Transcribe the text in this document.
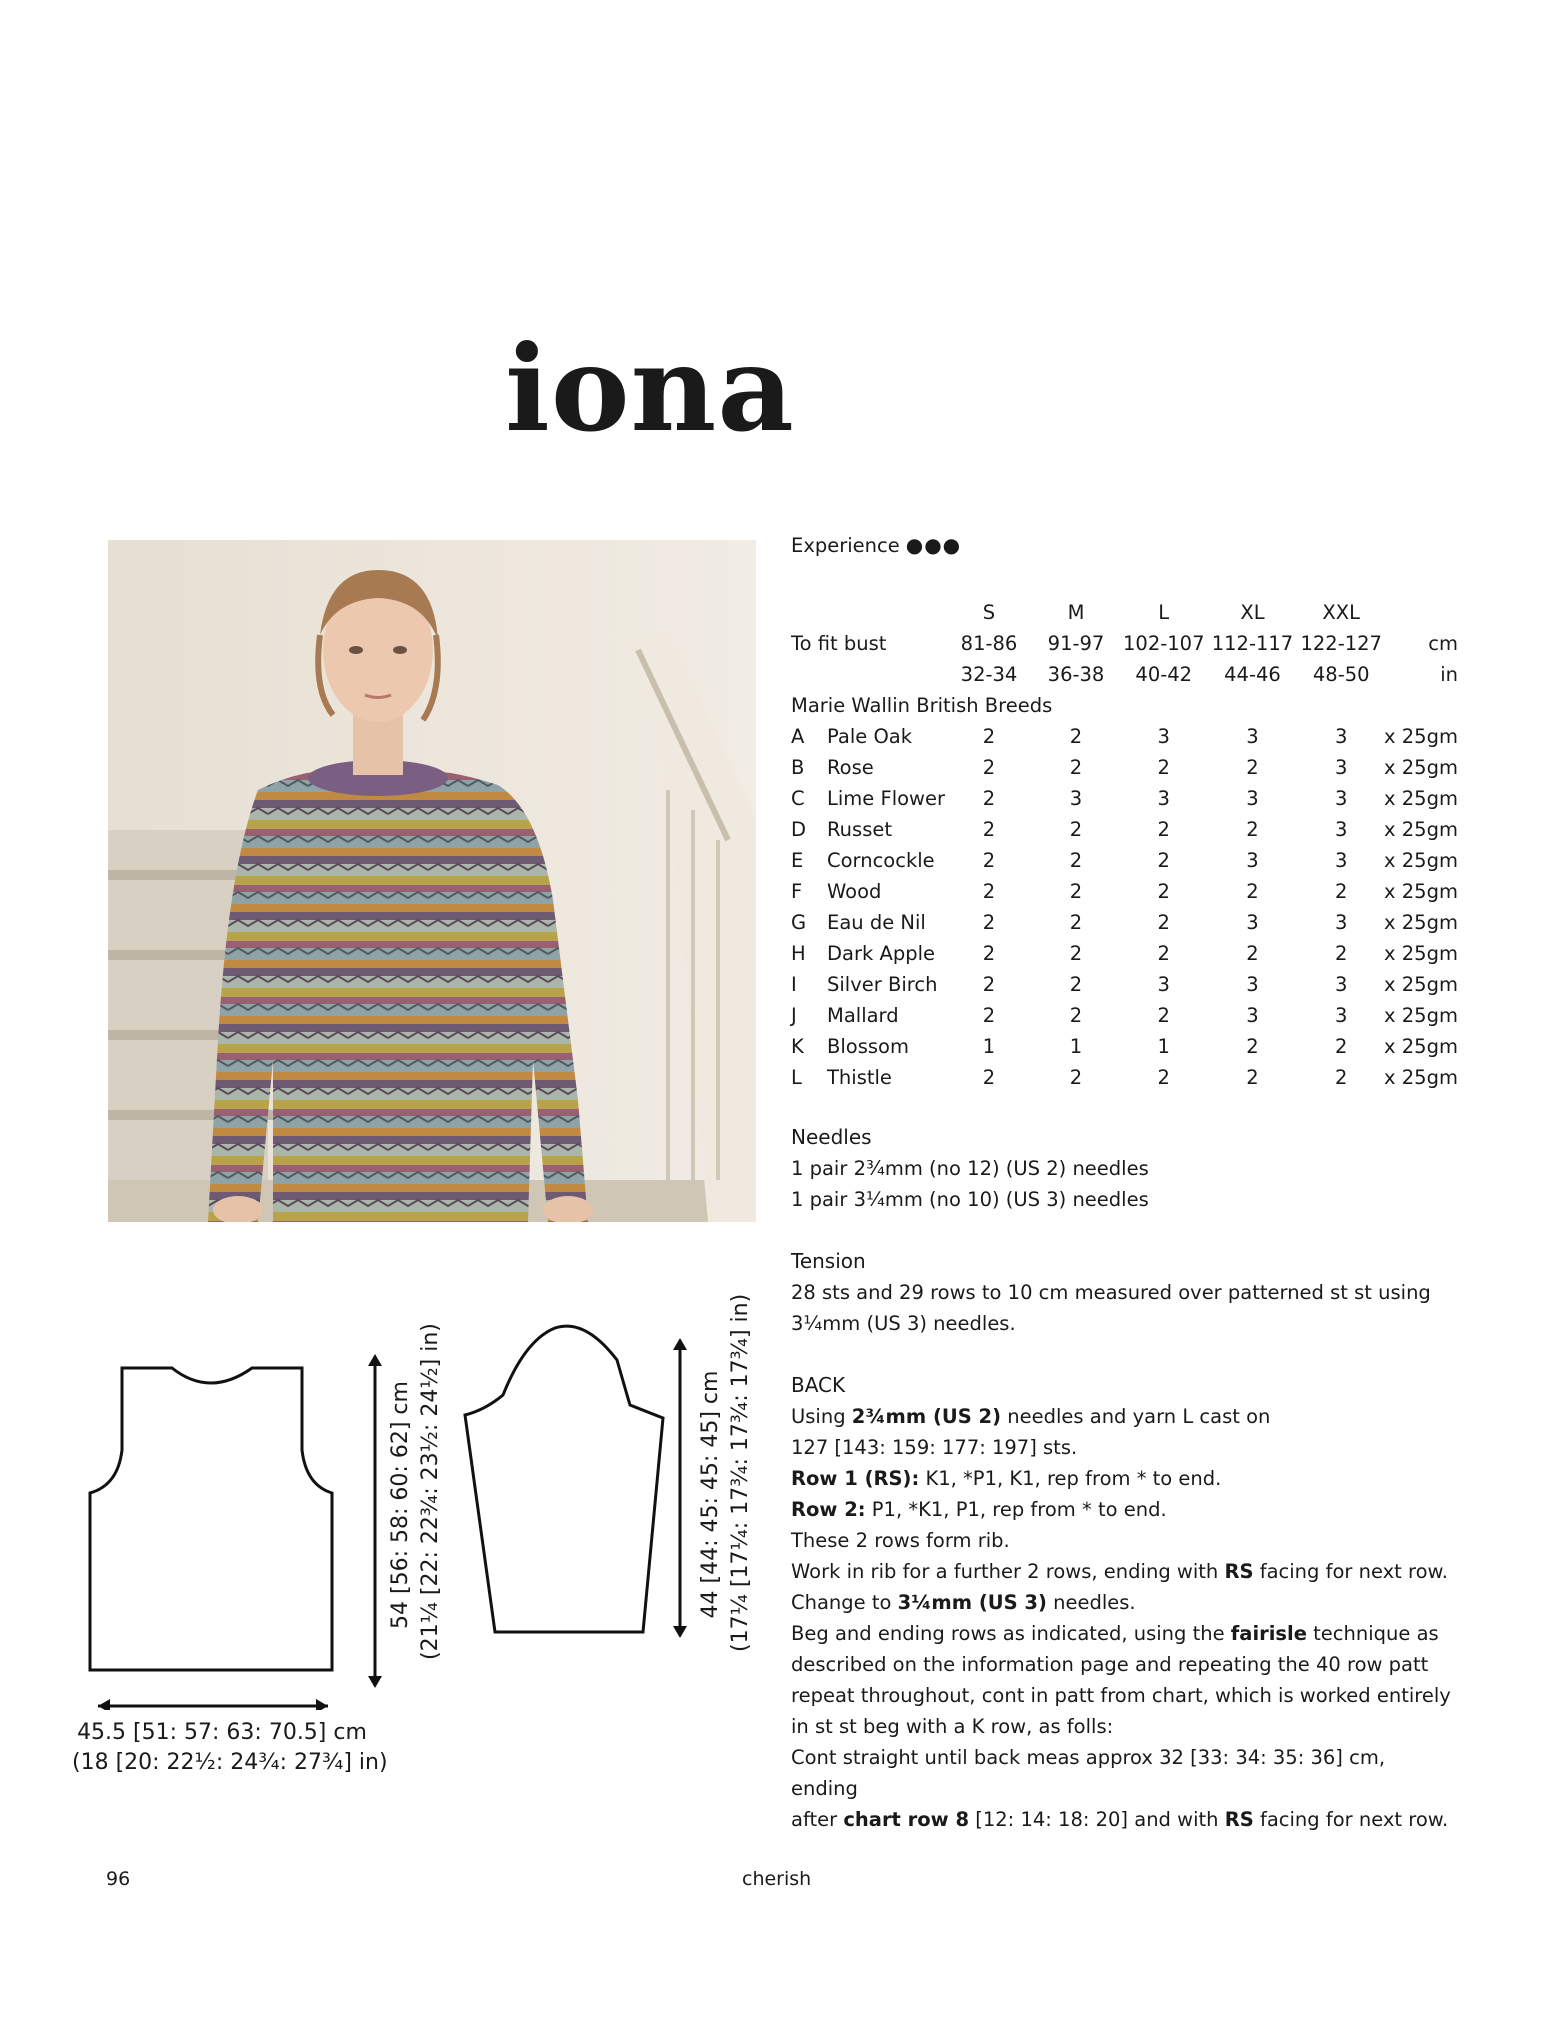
iona
Experience ●●●
		S	M	L	XL	XXL	
To fit bust		81-86	91-97	102-107	112-117	122-127	cm
		32-34	36-38	40-42	44-46	48-50	in
Marie Wallin British Breeds							
A	Pale Oak	2	2	3	3	3	x 25gm
B	Rose	2	2	2	2	3	x 25gm
C	Lime Flower	2	3	3	3	3	x 25gm
D	Russet	2	2	2	2	3	x 25gm
E	Corncockle	2	2	2	3	3	x 25gm
F	Wood	2	2	2	2	2	x 25gm
G	Eau de Nil	2	2	2	3	3	x 25gm
H	Dark Apple	2	2	2	2	2	x 25gm
I	Silver Birch	2	2	3	3	3	x 25gm
J	Mallard	2	2	2	3	3	x 25gm
K	Blossom	1	1	1	2	2	x 25gm
L	Thistle	2	2	2	2	2	x 25gm

Needles

1 pair 2¾mm (no 12) (US 2) needles

1 pair 3¼mm (no 10) (US 3) needles

Tension

28 sts and 29 rows to 10 cm measured over patterned st st using 3¼mm (US 3) needles.

BACK

Using 2¾mm (US 2) needles and yarn L cast on

127 [143: 159: 177: 197] sts.

Row 1 (RS): K1, *P1, K1, rep from * to end.

Row 2: P1, *K1, P1, rep from * to end.

These 2 rows form rib.

Work in rib for a further 2 rows, ending with RS facing for next row.

Change to 3¼mm (US 3) needles.

Beg and ending rows as indicated, using the fairisle technique as

described on the information page and repeating the 40 row patt

repeat throughout, cont in patt from chart, which is worked entirely

in st st beg with a K row, as folls:

Cont straight until back meas approx 32 [33: 34: 35: 36] cm, ending

after chart row 8 [12: 14: 18: 20] and with RS facing for next row.

45.5 [51: 57: 63: 70.5] cm
(18 [20: 22½: 24¾: 27¾] in)
54 [56: 58: 60: 62] cm (21¼ [22: 22¾: 23½: 24½] in)	44 [44: 45: 45: 45] cm (17¼ [17¼: 17¾: 17¾: 17¾] in)
96	cherish
